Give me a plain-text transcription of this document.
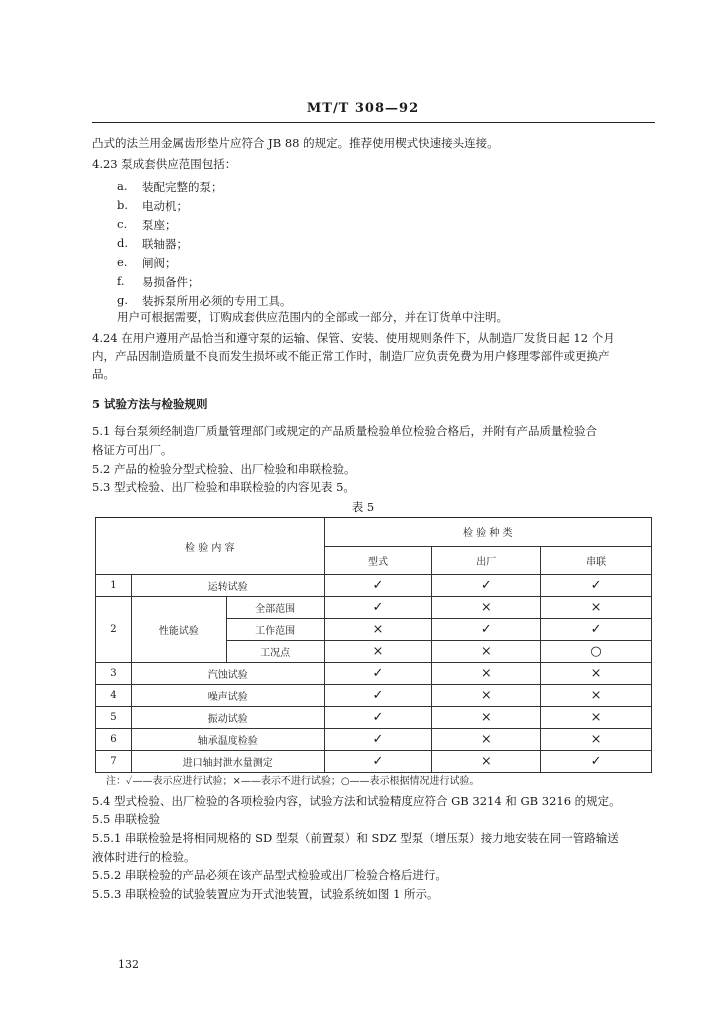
MT/T 308—92
凸式的法兰用金属齿形垫片应符合 JB 88 的规定。推荐使用楔式快速接头连接。
4.23 泵成套供应范围包括：
a. 装配完整的泵；
b. 电动机；
c. 泵座；
d. 联轴器；
e. 闸阀；
f. 易损备件；
g. 装拆泵所用必须的专用工具。
用户可根据需要，订购成套供应范围内的全部或一部分，并在订货单中注明。
4.24 在用户遵用产品恰当和遵守泵的运输、保管、安装、使用规则条件下，从制造厂发货日起 12 个月
内，产品因制造质量不良而发生损坏或不能正常工作时，制造厂应负责免费为用户修理零部件或更换产
品。
5 试验方法与检验规则
5.1 每台泵须经制造厂质量管理部门或规定的产品质量检验单位检验合格后，并附有产品质量检验合
格证方可出厂。
5.2 产品的检验分型式检验、出厂检验和串联检验。
5.3 型式检验、出厂检验和串联检验的内容见表 5。
表 5
检 验 内 容			检 验 种 类		
			型式	出厂	串联
1	运转试验		✓	✓	✓
2	性能试验	全部范围	✓	×	×
		工作范围	×	✓	✓
		工况点	×	×	○
3	汽蚀试验		✓	×	×
4	噪声试验		✓	×	×
5	振动试验		✓	×	×
6	轴承温度检验		✓	×	×
7	进口轴封泄水量测定		✓	×	✓
注：✓——表示应进行试验；×——表示不进行试验；○——表示根据情况进行试验。
5.4 型式检验、出厂检验的各项检验内容，试验方法和试验精度应符合 GB 3214 和 GB 3216 的规定。
5.5 串联检验
5.5.1 串联检验是将相同规格的 SD 型泵（前置泵）和 SDZ 型泵（增压泵）接力地安装在同一管路输送
液体时进行的检验。
5.5.2 串联检验的产品必须在该产品型式检验或出厂检验合格后进行。
5.5.3 串联检验的试验装置应为开式池装置，试验系统如图 1 所示。
132
